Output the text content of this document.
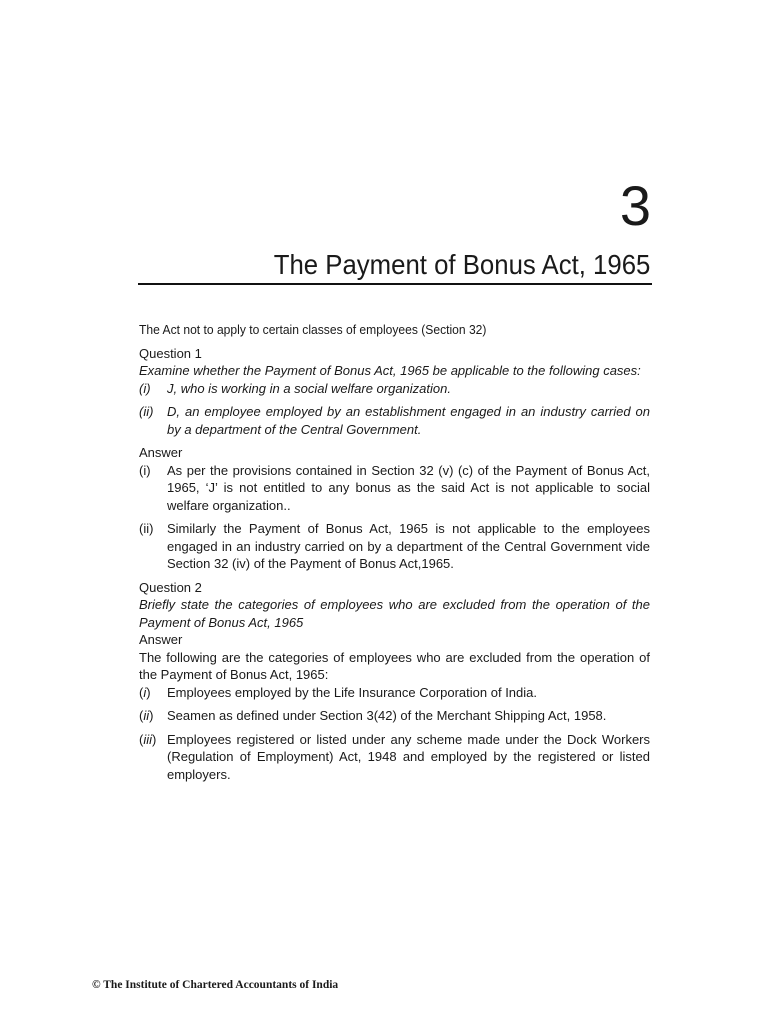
3
The Payment of Bonus Act, 1965

The Act not to apply to certain classes of employees (Section 32)

Question 1

Examine whether the Payment of Bonus Act, 1965 be applicable to the following cases:

(i)	J, who is working in a social welfare organization.
(ii)	D, an employee employed by an establishment engaged in an industry carried on by a department of the Central Government.

Answer

(i)	As per the provisions contained in Section 32 (v) (c) of the Payment of Bonus Act, 1965, ‘J’ is not entitled to any bonus as the said Act is not applicable to social welfare organization..
(ii)	Similarly the Payment of Bonus Act, 1965 is not applicable to the employees engaged in an industry carried on by a department of the Central Government vide Section 32 (iv) of the Payment of Bonus Act,1965.

Question 2

Briefly state the categories of employees who are excluded from the operation of the Payment of Bonus Act, 1965

Answer

The following are the categories of employees who are excluded from the operation of the Payment of Bonus Act, 1965:

(i)	Employees employed by the Life Insurance Corporation of India.
(ii)	Seamen as defined under Section 3(42) of the Merchant Shipping Act, 1958.
(iii) Employees registered or listed under any scheme made under the Dock Workers (Regulation of Employment) Act, 1948 and employed by the registered or listed employers.
© The Institute of Chartered Accountants of India
